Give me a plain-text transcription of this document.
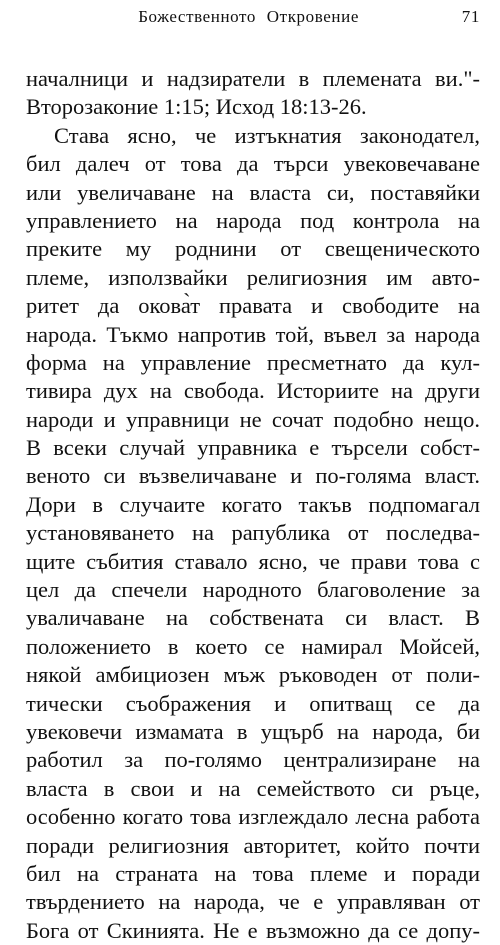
Божественното Откровение	71
началници и надзиратели в племената ви."-
Второзаконие 1:15; Исход 18:13-26.
Става ясно, че изтъкнатия законодател,
бил далеч от това да търси увековечаване
или увеличаване на власта си, поставяйки
управлението на народа под контрола на
преките му роднини от свещеническото
племе, използвайки религиозния им авто-
ритет да окова̀т правата и свободите на
народа. Тъкмо напротив той, въвел за народа
форма на управление пресметнато да кул-
тивира дух на свобода. Историите на други
народи и управници не сочат подобно нещо.
В всеки случай управника е търсели собст-
веното си възвеличаване и по-голяма власт.
Дори в случаите когато такъв подпомагал
установяването на рапублика от последва-
щите събития ставало ясно, че прави това с
цел да спечели народното благоволение за
уваличаване на собствената си власт. В
положението в което се намирал Мойсей,
някой амбициозен мъж ръководен от поли-
тически съображения и опитващ се да
увековечи измамата в ущърб на народа, би
работил за по-голямо централизиране на
власта в свои и на семейството си ръце,
особенно когато това изглеждало лесна работа
поради религиозния авторитет, който почти
бил на страната на това племе и поради
твърдението на народа, че е управляван от
Бога от Скинията. Не е възможно да се допу-
